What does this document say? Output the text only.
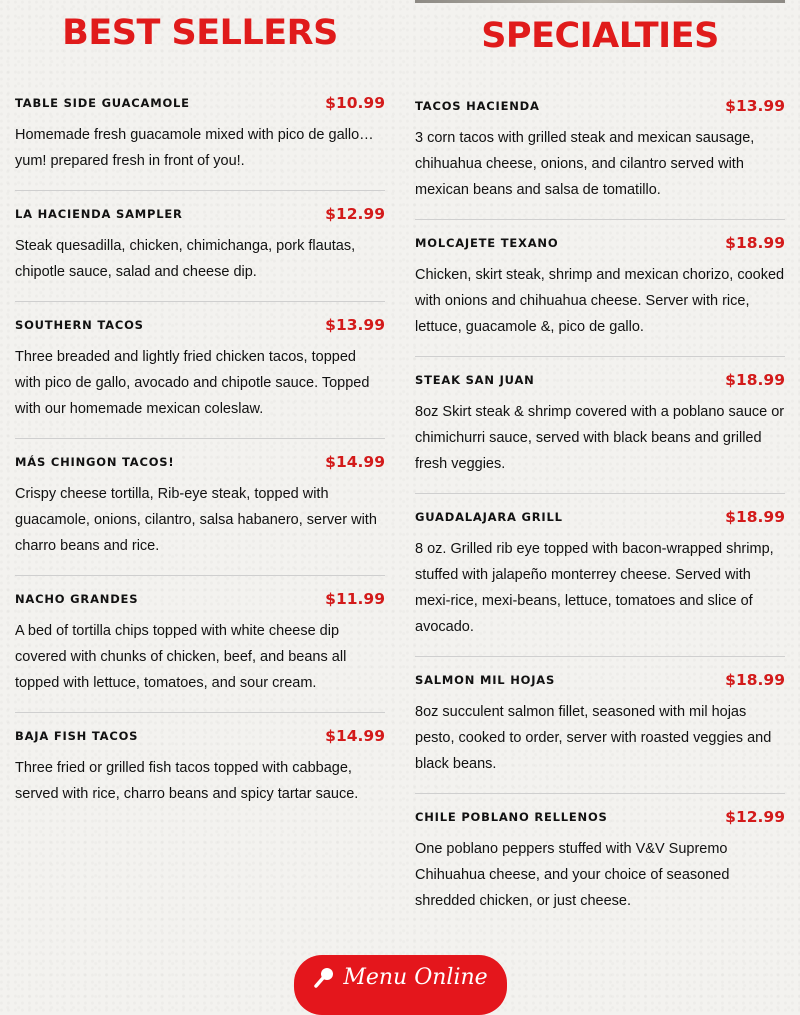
BEST SELLERS
TABLE SIDE GUACAMOLE	$10.99
Homemade fresh guacamole mixed with pico de gallo… yum! prepared fresh in front of you!.
LA HACIENDA SAMPLER	$12.99
Steak quesadilla, chicken, chimichanga, pork flautas, chipotle sauce, salad and cheese dip.
SOUTHERN TACOS	$13.99
Three breaded and lightly fried chicken tacos, topped with pico de gallo, avocado and chipotle sauce. Topped with our homemade mexican coleslaw.
MÁS CHINGON TACOS!	$14.99
Crispy cheese tortilla, Rib-eye steak, topped with guacamole, onions, cilantro, salsa habanero, server with charro beans and rice.
NACHO GRANDES	$11.99
A bed of tortilla chips topped with white cheese dip covered with chunks of chicken, beef, and beans all topped with lettuce, tomatoes, and sour cream.
BAJA FISH TACOS	$14.99
Three fried or grilled fish tacos topped with cabbage, served with rice, charro beans and spicy tartar sauce.
SPECIALTIES
TACOS HACIENDA	$13.99
3 corn tacos with grilled steak and mexican sausage, chihuahua cheese, onions, and cilantro served with mexican beans and salsa de tomatillo.
MOLCAJETE TEXANO	$18.99
Chicken, skirt steak, shrimp and mexican chorizo, cooked with onions and chihuahua cheese. Server with rice, lettuce, guacamole &, pico de gallo.
STEAK SAN JUAN	$18.99
8oz Skirt steak & shrimp covered with a poblano sauce or chimichurri sauce, served with black beans and grilled fresh veggies.
GUADALAJARA GRILL	$18.99
8 oz. Grilled rib eye topped with bacon-wrapped shrimp, stuffed with jalapeño monterrey cheese. Served with mexi-rice, mexi-beans, lettuce, tomatoes and slice of avocado.
SALMON MIL HOJAS	$18.99
8oz succulent salmon fillet, seasoned with mil hojas pesto, cooked to order, server with roasted veggies and black beans.
CHILE POBLANO RELLENOS	$12.99
One poblano peppers stuffed with V&V Supremo Chihuahua cheese, and your choice of seasoned shredded chicken, or just cheese.
Menu Online
